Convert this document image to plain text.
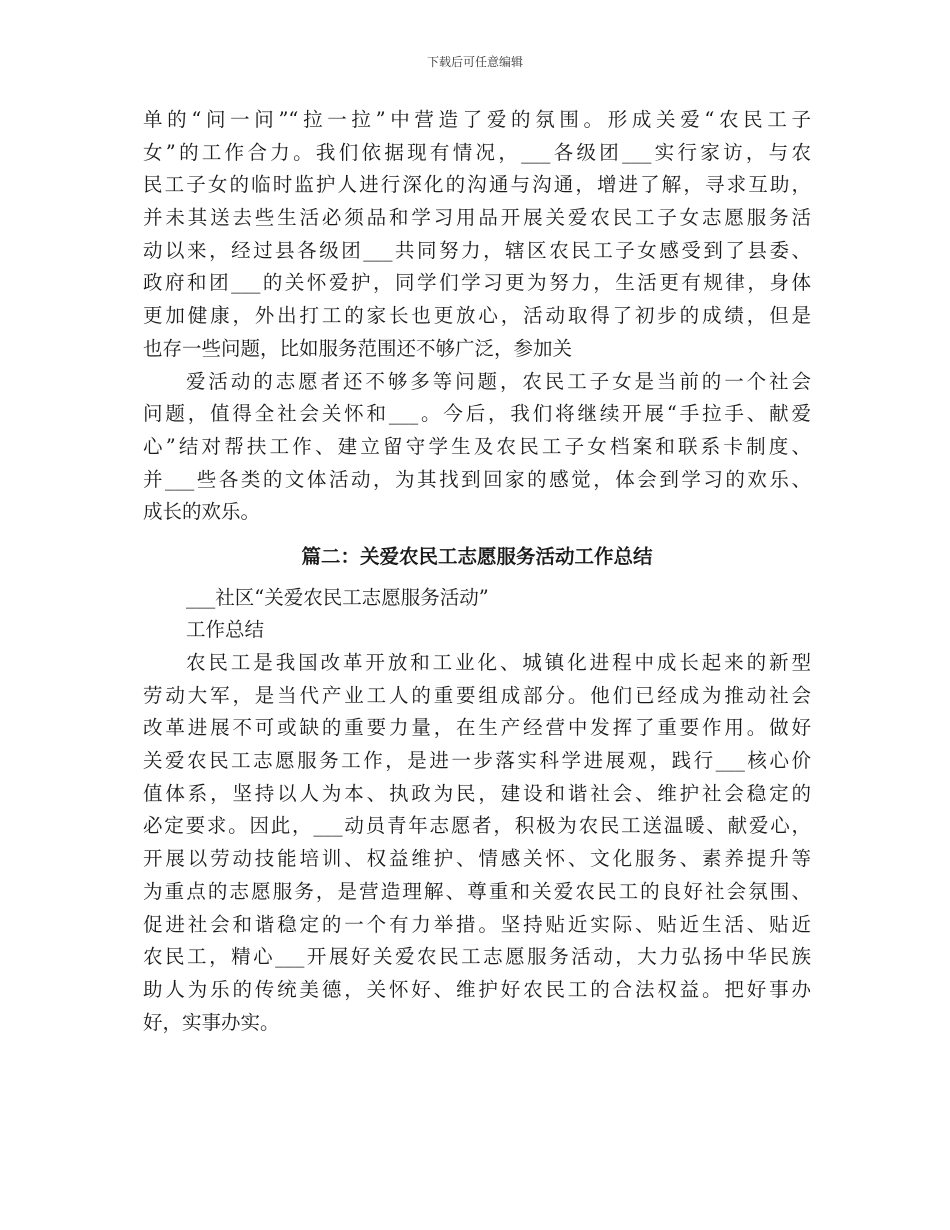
下载后可任意编辑
单的“问一问”“拉一拉”中营造了爱的氛围。形成关爱“农民工子
女”的工作合力。我们依据现有情况，___各级团___实行家访，与农
民工子女的临时监护人进行深化的沟通与沟通，增进了解，寻求互助，
并未其送去些生活必须品和学习用品开展关爱农民工子女志愿服务活
动以来，经过县各级团___共同努力，辖区农民工子女感受到了县委、
政府和团___的关怀爱护，同学们学习更为努力，生活更有规律，身体
更加健康，外出打工的家长也更放心，活动取得了初步的成绩，但是
也存一些问题，比如服务范围还不够广泛，参加关
爱活动的志愿者还不够多等问题，农民工子女是当前的一个社会
问题，值得全社会关怀和___。今后，我们将继续开展“手拉手、献爱
心”结对帮扶工作、建立留守学生及农民工子女档案和联系卡制度、
并___些各类的文体活动，为其找到回家的感觉，体会到学习的欢乐、
成长的欢乐。
篇二：关爱农民工志愿服务活动工作总结
___社区“关爱农民工志愿服务活动”
工作总结
农民工是我国改革开放和工业化、城镇化进程中成长起来的新型
劳动大军，是当代产业工人的重要组成部分。他们已经成为推动社会
改革进展不可或缺的重要力量，在生产经营中发挥了重要作用。做好
关爱农民工志愿服务工作，是进一步落实科学进展观，践行___核心价
值体系，坚持以人为本、执政为民，建设和谐社会、维护社会稳定的
必定要求。因此，___动员青年志愿者，积极为农民工送温暖、献爱心，
开展以劳动技能培训、权益维护、情感关怀、文化服务、素养提升等
为重点的志愿服务，是营造理解、尊重和关爱农民工的良好社会氛围、
促进社会和谐稳定的一个有力举措。坚持贴近实际、贴近生活、贴近
农民工，精心___开展好关爱农民工志愿服务活动，大力弘扬中华民族
助人为乐的传统美德，关怀好、维护好农民工的合法权益。把好事办
好，实事办实。
